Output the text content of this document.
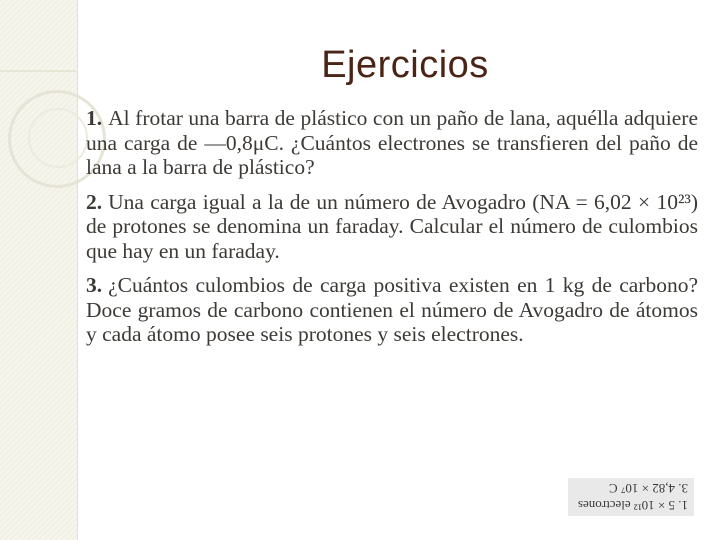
Ejercicios

1. Al frotar una barra de plástico con un paño de lana, aquélla adquiere una carga de —0,8μC. ¿Cuántos electrones se transfieren del paño de lana a la barra de plástico?

2. Una carga igual a la de un número de Avogadro (NA = 6,02 × 10²³) de protones se denomina un faraday. Calcular el número de culombios que hay en un faraday.

3. ¿Cuántos culombios de carga positiva existen en 1 kg de carbono? Doce gramos de carbono contienen el número de Avogadro de átomos y cada átomo posee seis protones y seis electrones.

1. 5 × 10¹² electrones
3. 4,82 × 10⁷ C
